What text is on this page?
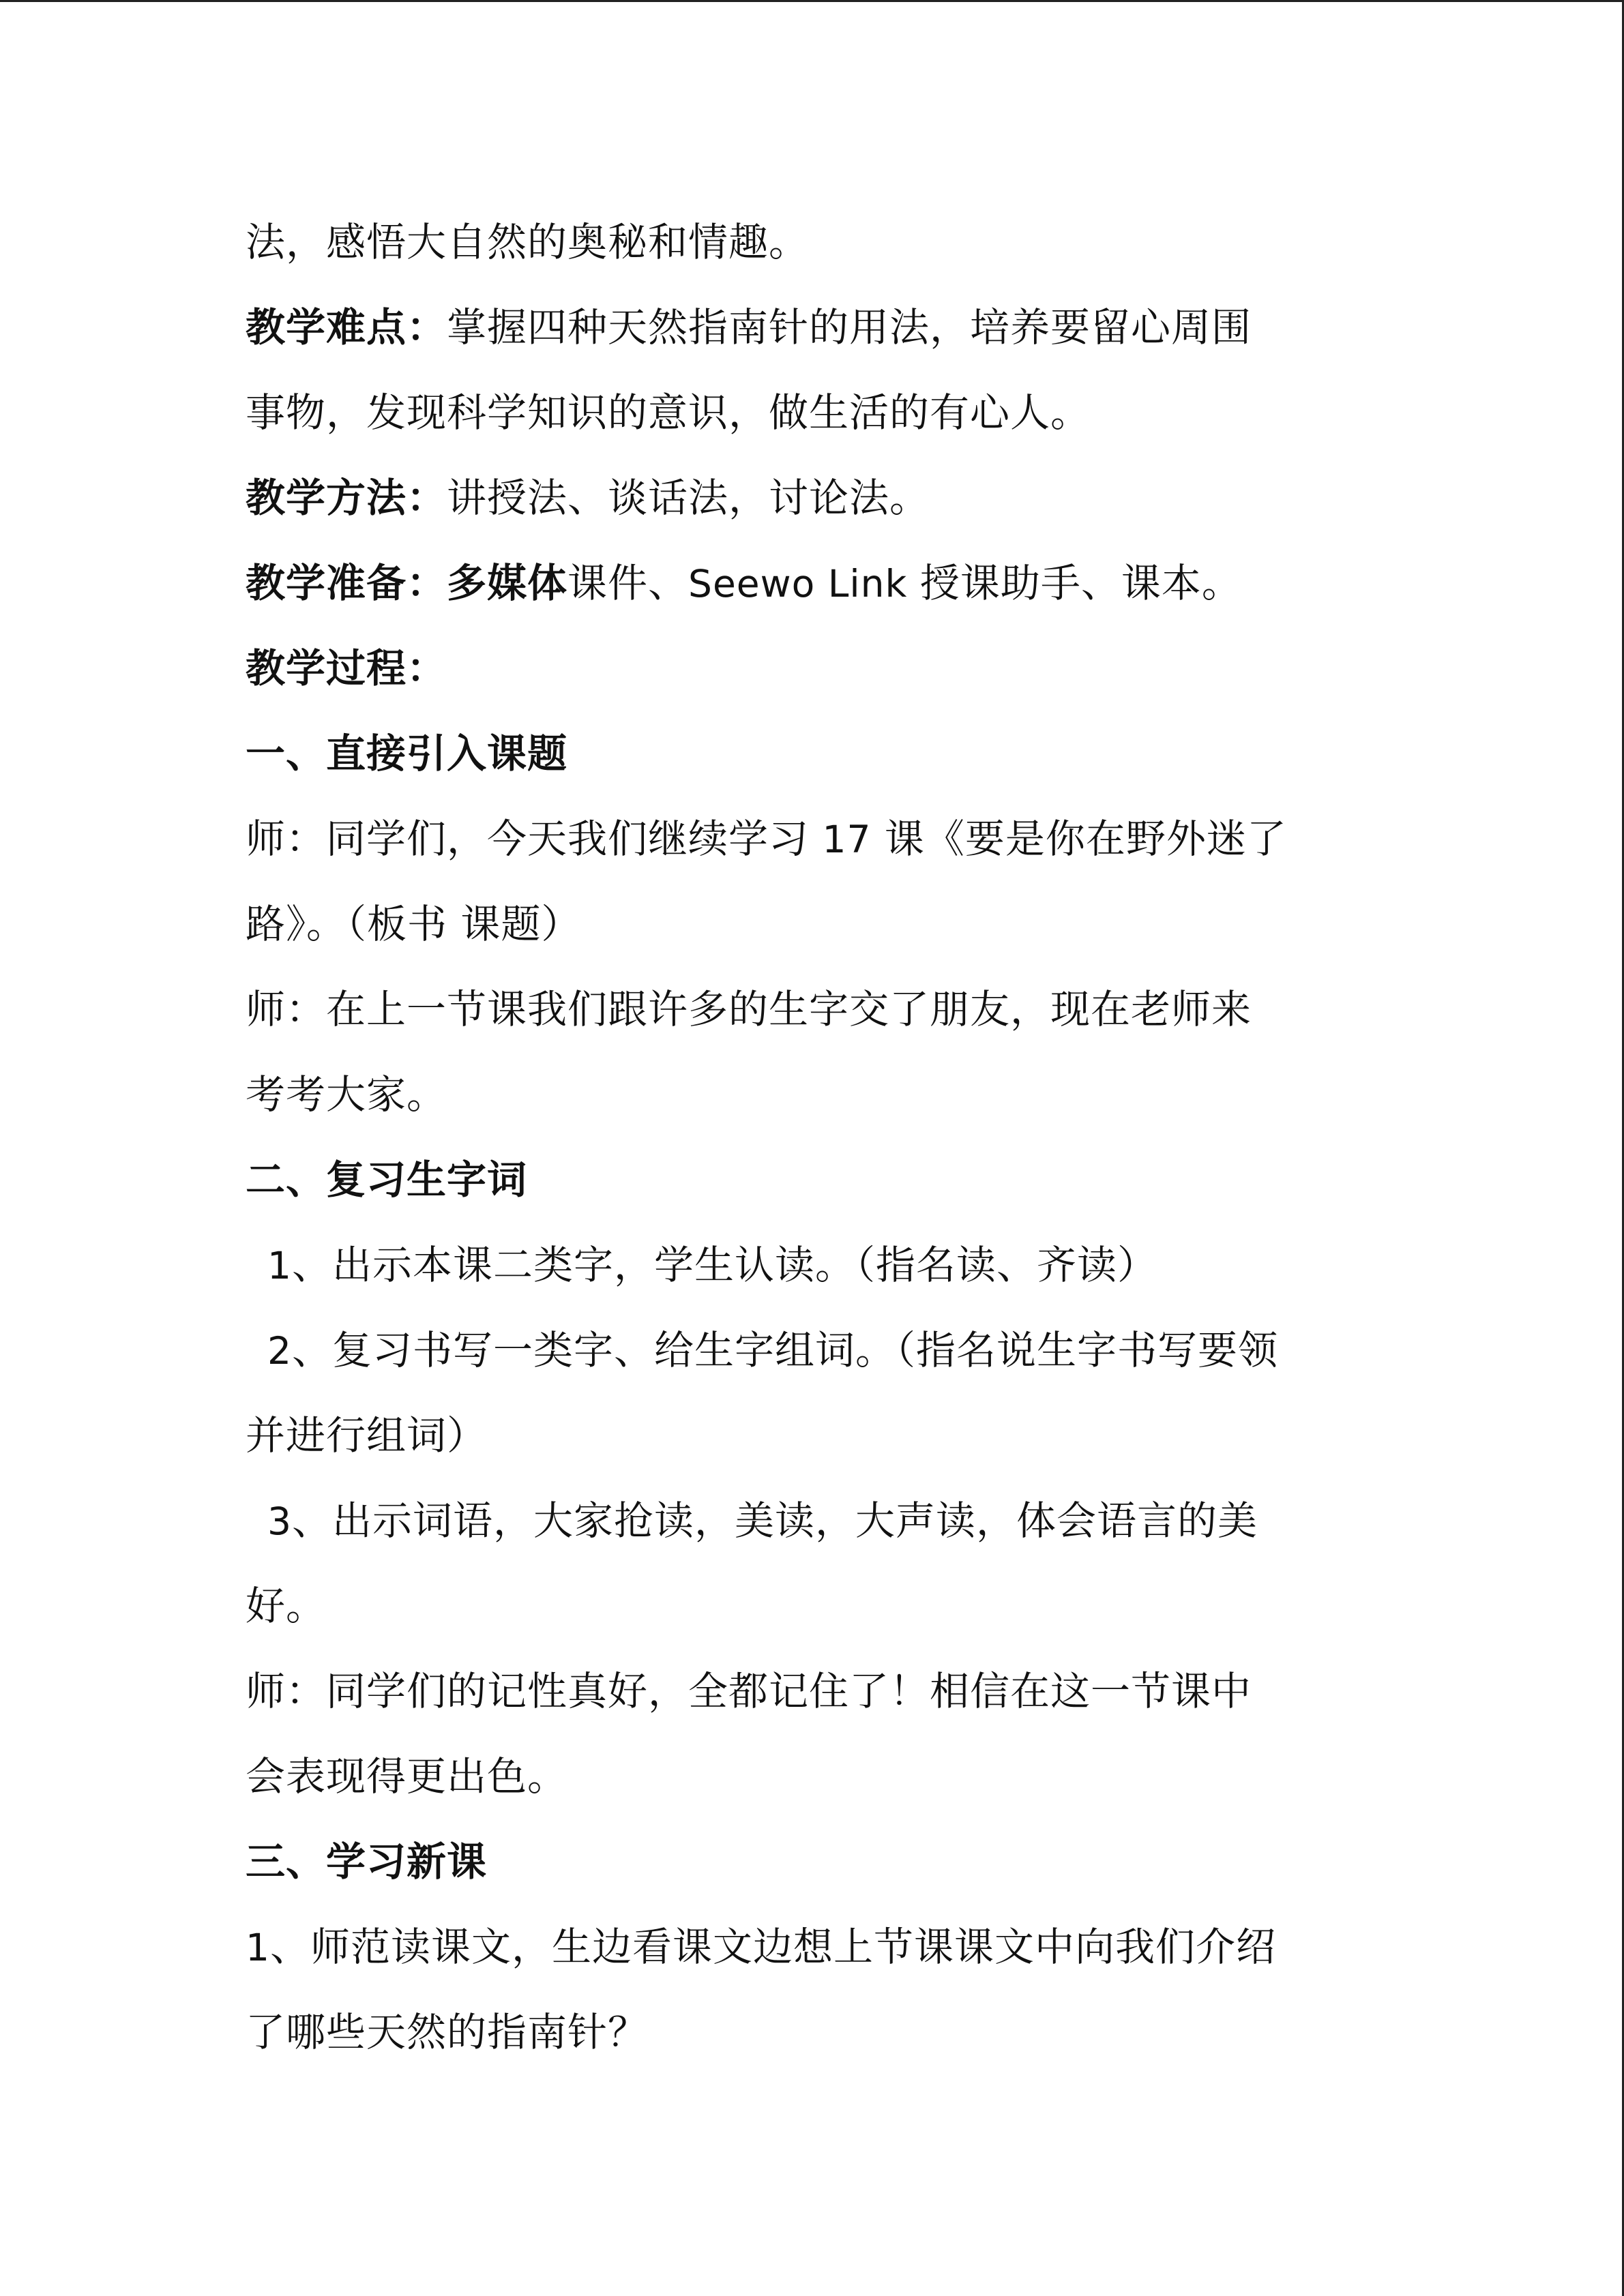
法，感悟大自然的奥秘和情趣。
教学难点：掌握四种天然指南针的用法，培养要留心周围
事物，发现科学知识的意识，做生活的有心人。
教学方法：讲授法、谈话法，讨论法。
教学准备：多媒体课件、Seewo Link 授课助手、课本。
教学过程：
一、直接引入课题
师：同学们，今天我们继续学习 17 课《要是你在野外迷了
路》。（板书 课题）
师：在上一节课我们跟许多的生字交了朋友，现在老师来
考考大家。
二、复习生字词
1、出示本课二类字，学生认读。（指名读、齐读）
2、复习书写一类字、给生字组词。（指名说生字书写要领
并进行组词）
3、出示词语，大家抢读，美读，大声读，体会语言的美
好。
师：同学们的记性真好，全都记住了！相信在这一节课中
会表现得更出色。
三、学习新课
1、师范读课文，生边看课文边想上节课课文中向我们介绍
了哪些天然的指南针？
